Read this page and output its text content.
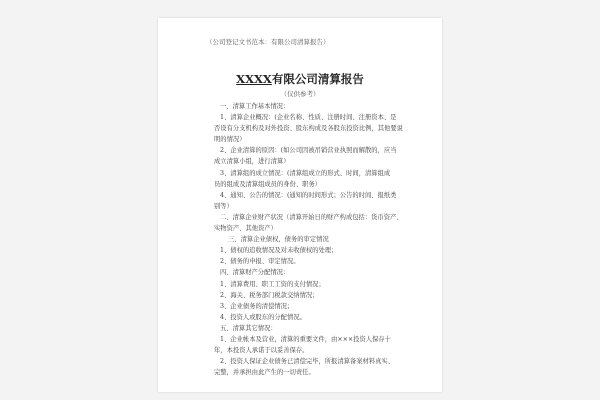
（公司登记文书范本：有限公司清算报告）
XXXX有限公司清算报告
（仅供参考）
一、清算工作基本情况：
1、清算企业概况：(企业名称、性质、注册时间、注册资本、是
否设有分支机构及对外投资、股东构成及各股东投资比例，其他要说
明的情况）
2、企业清算的原因：(如公司因被吊销营业执照而解散的，应当
成立清算小组，进行清算）
3、清算组的成立情况：(清算组成立的形式、时间，清算组成
员的组成及清算组成员的身份、职务）
4、通知、公告的情况：(通知的时间形式；公告的时间、报纸类
别等）
二、清算企业财产状况（清算开始日的财产构成包括：货币资产、
实物资产、其他资产）
三、清算企业债权，债务的审定情况
1、债权的追收情况及对未收债权的处理；
2、债务的申报、审定情况。
四、清算财产分配情况：
1、清算费用、职工工资的支付情况；
2、海关、税务部门税款交纳情况；
3、企业债务的清偿情况；
4、投资人或股东的分配情况。
五、清算其它情况：
1、企业帐本及营业，清算的重要文件，由×××投资人保存十
年，本投资人承诺于以妥善保存。
2、投资人保证企业债务已清偿完毕，所报清算备案材料真实、
完整，并承担由此产生的一切责任。
